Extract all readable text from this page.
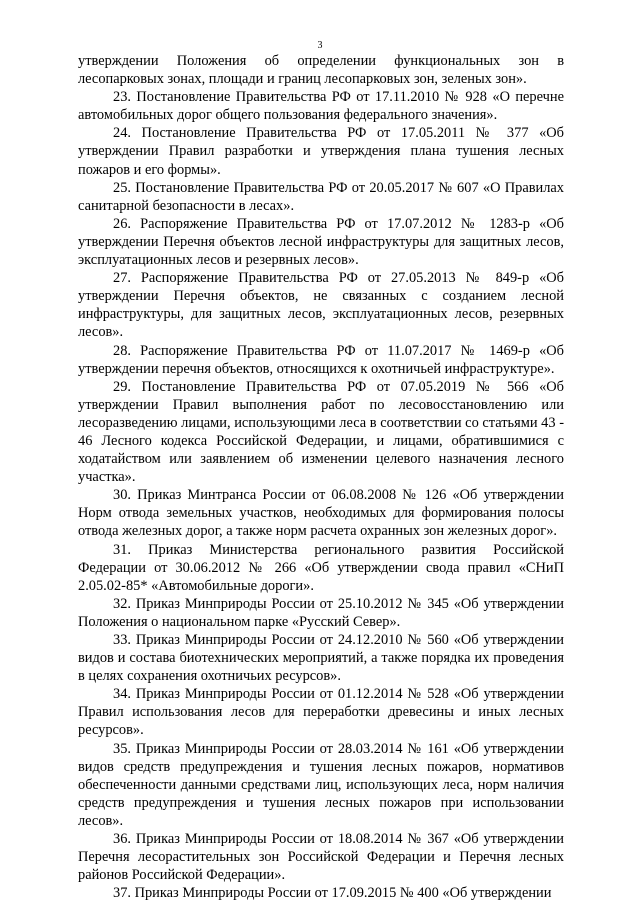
3

утверждении Положения об определении функциональных зон в лесопарковых зонах, площади и границ лесопарковых зон, зеленых зон».

23. Постановление Правительства РФ от 17.11.2010 № 928 «О перечне автомобильных дорог общего пользования федерального значения».

24. Постановление Правительства РФ от 17.05.2011 № 377 «Об утверждении Правил разработки и утверждения плана тушения лесных пожаров и его формы».

25. Постановление Правительства РФ от 20.05.2017 № 607 «О Правилах санитарной безопасности в лесах».

26. Распоряжение Правительства РФ от 17.07.2012 № 1283-р «Об утверждении Перечня объектов лесной инфраструктуры для защитных лесов, эксплуатационных лесов и резервных лесов».

27. Распоряжение Правительства РФ от 27.05.2013 № 849-р «Об утверждении Перечня объектов, не связанных с созданием лесной инфраструктуры, для защитных лесов, эксплуатационных лесов, резервных лесов».

28. Распоряжение Правительства РФ от 11.07.2017 № 1469-р «Об утверждении перечня объектов, относящихся к охотничьей инфраструктуре».

29. Постановление Правительства РФ от 07.05.2019 № 566 «Об утверждении Правил выполнения работ по лесовосстановлению или лесоразведению лицами, использующими леса в соответствии со статьями 43 - 46 Лесного кодекса Российской Федерации, и лицами, обратившимися с ходатайством или заявлением об изменении целевого назначения лесного участка».

30. Приказ Минтранса России от 06.08.2008 № 126 «Об утверждении Норм отвода земельных участков, необходимых для формирования полосы отвода железных дорог, а также норм расчета охранных зон железных дорог».

31. Приказ Министерства регионального развития Российской Федерации от 30.06.2012 № 266 «Об утверждении свода правил «СНиП 2.05.02-85* «Автомобильные дороги».

32. Приказ Минприроды России от 25.10.2012 № 345 «Об утверждении Положения о национальном парке «Русский Север».

33. Приказ Минприроды России от 24.12.2010 № 560 «Об утверждении видов и состава биотехнических мероприятий, а также порядка их проведения в целях сохранения охотничьих ресурсов».

34. Приказ Минприроды России от 01.12.2014 № 528 «Об утверждении Правил использования лесов для переработки древесины и иных лесных ресурсов».

35. Приказ Минприроды России от 28.03.2014 № 161 «Об утверждении видов средств предупреждения и тушения лесных пожаров, нормативов обеспеченности данными средствами лиц, использующих леса, норм наличия средств предупреждения и тушения лесных пожаров при использовании лесов».

36. Приказ Минприроды России от 18.08.2014 № 367 «Об утверждении Перечня лесорастительных зон Российской Федерации и Перечня лесных районов Российской Федерации».

37. Приказ Минприроды России от 17.09.2015 № 400 «Об утверждении
